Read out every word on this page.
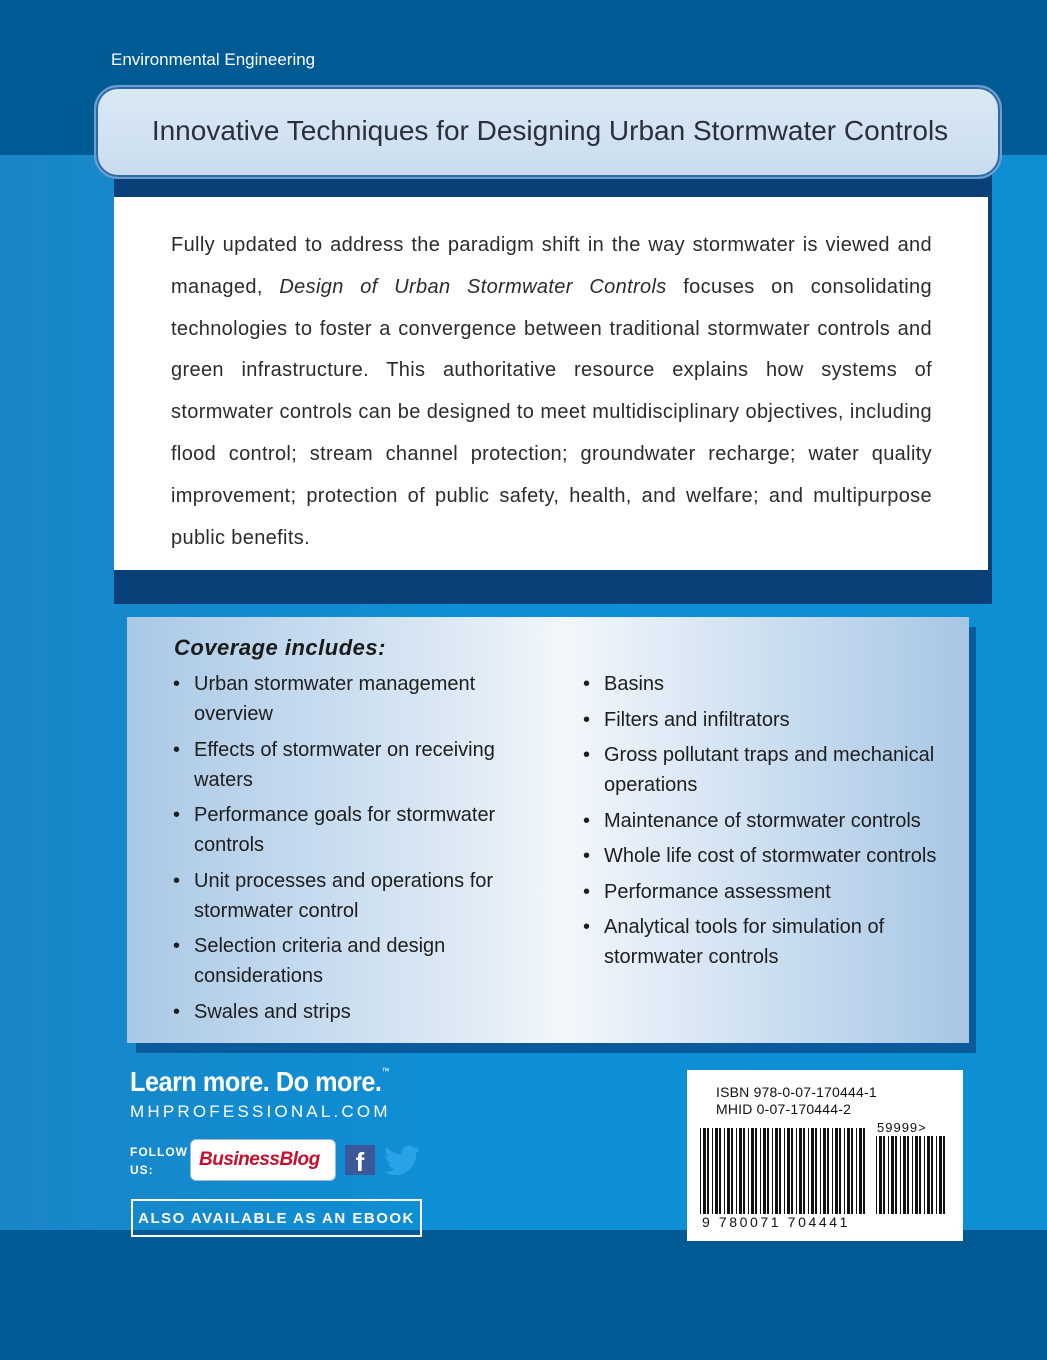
Environmental Engineering
Innovative Techniques for Designing Urban Stormwater Controls

Fully updated to address the paradigm shift in the way stormwater is viewed and managed, Design of Urban Stormwater Controls focuses on consolidating technologies to foster a convergence between traditional stormwater controls and green infrastructure. This authoritative resource explains how systems of stormwater controls can be designed to meet multidisciplinary objectives, including flood control; stream channel protection; groundwater recharge; water quality improvement; protection of public safety, health, and welfare; and multipurpose public benefits.

Coverage includes:
• Urban stormwater management overview
• Effects of stormwater on receiving waters
• Performance goals for stormwater controls
• Unit processes and operations for stormwater control
• Selection criteria and design considerations
• Swales and strips
• Basins
• Filters and infiltrators
• Gross pollutant traps and mechanical operations
• Maintenance of stormwater controls
• Whole life cost of stormwater controls
• Performance assessment
• Analytical tools for simulation of stormwater controls
Learn more. Do more.™
MHPROFESSIONAL.COM
FOLLOW
US:	BusinessBlog	f
ALSO AVAILABLE AS AN EBOOK
ISBN 978-0-07-170444-1
MHID 0-07-170444-2
59999>
9 780071 704441
